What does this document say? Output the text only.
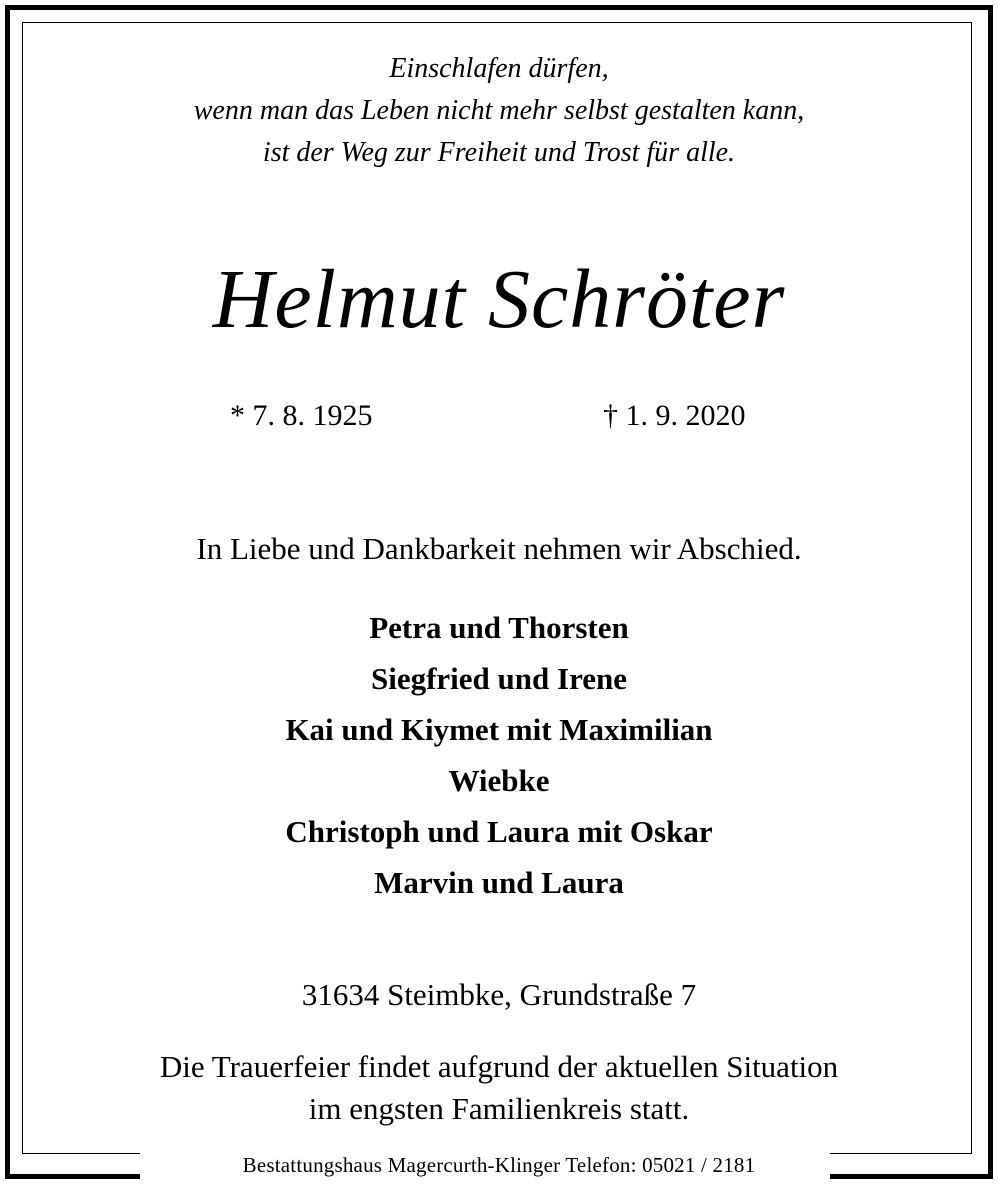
Einschlafen dürfen,
wenn man das Leben nicht mehr selbst gestalten kann,
ist der Weg zur Freiheit und Trost für alle.
Helmut Schröter
* 7. 8. 1925	† 1. 9. 2020
In Liebe und Dankbarkeit nehmen wir Abschied.
Petra und Thorsten
Siegfried und Irene
Kai und Kiymet mit Maximilian
Wiebke
Christoph und Laura mit Oskar
Marvin und Laura
31634 Steimbke, Grundstraße 7
Die Trauerfeier findet aufgrund der aktuellen Situation
im engsten Familienkreis statt.
Bestattungshaus Magercurth-Klinger Telefon: 05021 / 2181
